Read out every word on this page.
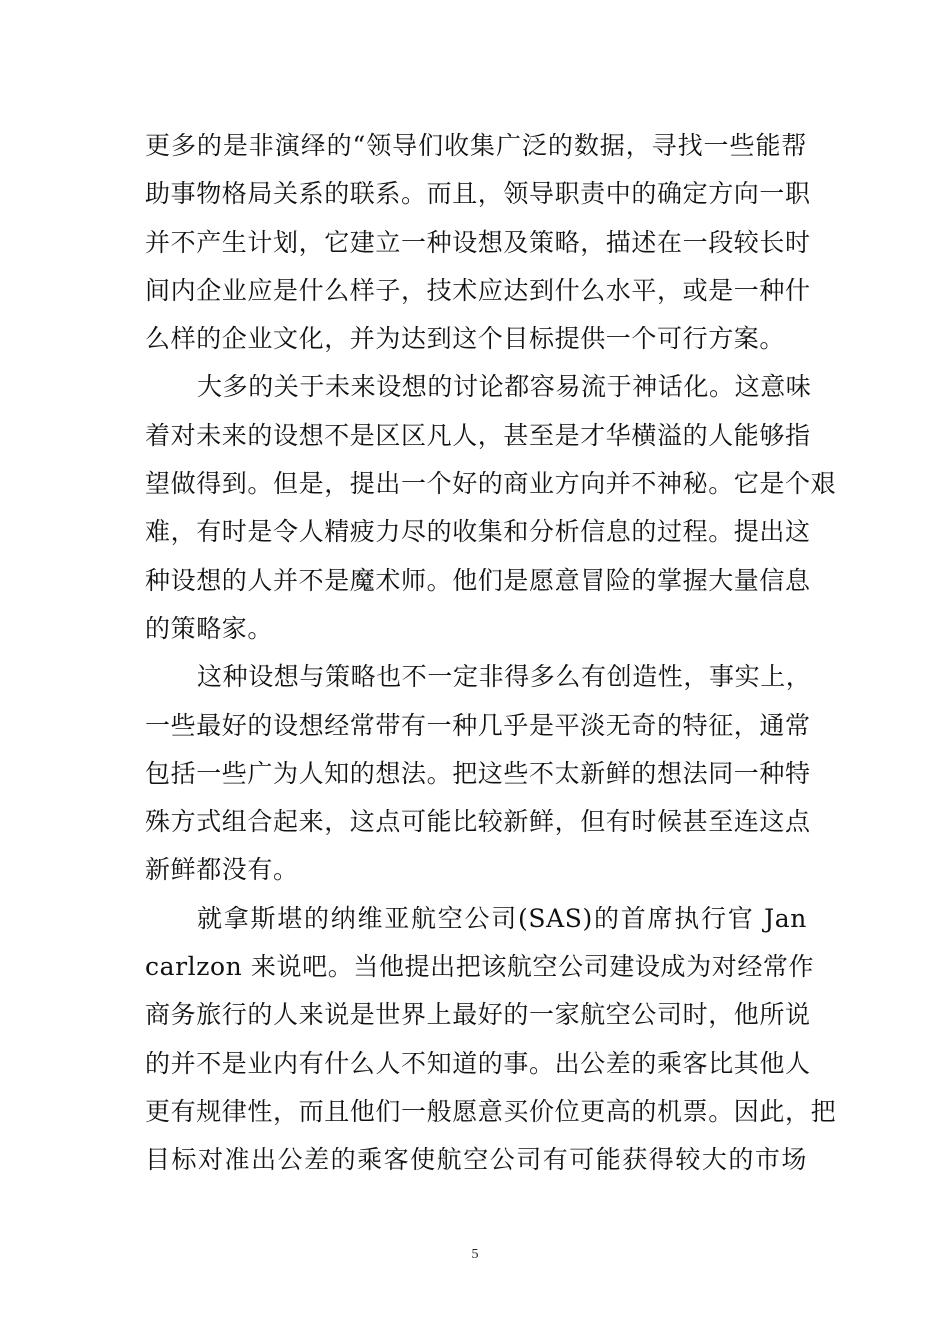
更多的是非演绎的“领导们收集广泛的数据，寻找一些能帮
助事物格局关系的联系。而且，领导职责中的确定方向一职
并不产生计划，它建立一种设想及策略，描述在一段较长时
间内企业应是什么样子，技术应达到什么水平，或是一种什
么样的企业文化，并为达到这个目标提供一个可行方案。

大多的关于未来设想的讨论都容易流于神话化。这意味
着对未来的设想不是区区凡人，甚至是才华横溢的人能够指
望做得到。但是，提出一个好的商业方向并不神秘。它是个艰
难，有时是令人精疲力尽的收集和分析信息的过程。提出这
种设想的人并不是魔术师。他们是愿意冒险的掌握大量信息
的策略家。

这种设想与策略也不一定非得多么有创造性，事实上，
一些最好的设想经常带有一种几乎是平淡无奇的特征，通常
包括一些广为人知的想法。把这些不太新鲜的想法同一种特
殊方式组合起来，这点可能比较新鲜，但有时候甚至连这点
新鲜都没有。

就拿斯堪的纳维亚航空公司(SAS)的首席执行官 Jan
carlzon 来说吧。当他提出把该航空公司建设成为对经常作
商务旅行的人来说是世界上最好的一家航空公司时，他所说
的并不是业内有什么人不知道的事。出公差的乘客比其他人
更有规律性，而且他们一般愿意买价位更高的机票。因此，把
目标对准出公差的乘客使航空公司有可能获得较大的市场

5
